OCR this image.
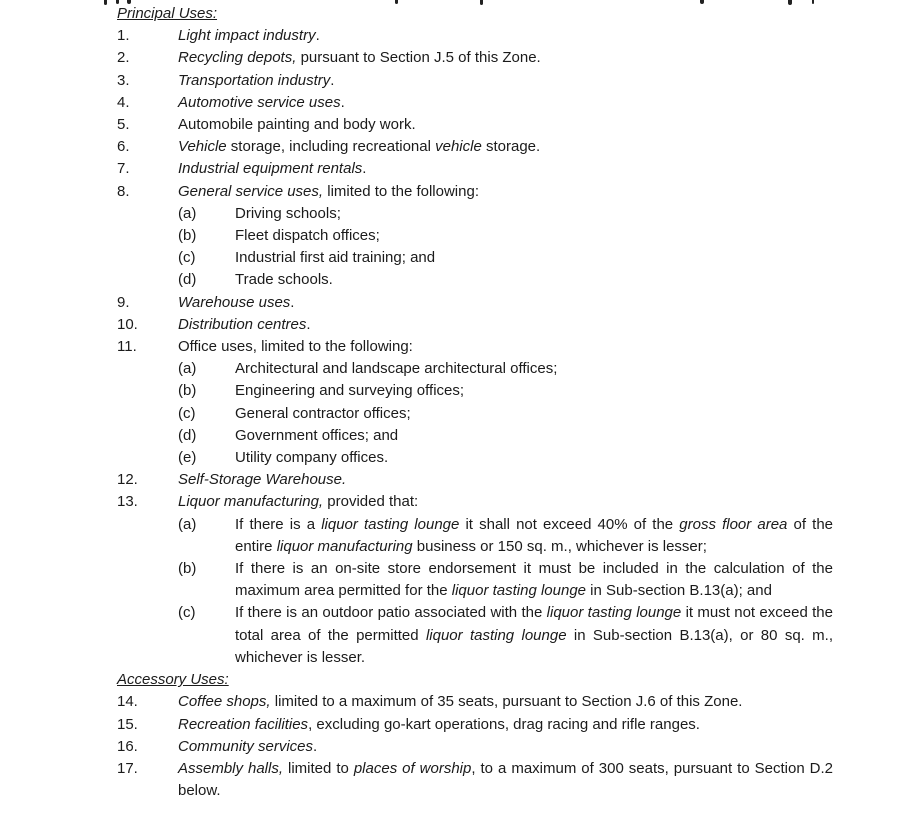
Principal Uses:
1.	Light impact industry.
2.	Recycling depots, pursuant to Section J.5 of this Zone.
3.	Transportation industry.
4.	Automotive service uses.
5.	Automobile painting and body work.
6.	Vehicle storage, including recreational vehicle storage.
7.	Industrial equipment rentals.
8.	General service uses, limited to the following:
(a)	Driving schools;
(b)	Fleet dispatch offices;
(c)	Industrial first aid training; and
(d)	Trade schools.
9.	Warehouse uses.
10.	Distribution centres.
11.	Office uses, limited to the following:
(a)	Architectural and landscape architectural offices;
(b)	Engineering and surveying offices;
(c)	General contractor offices;
(d)	Government offices; and
(e)	Utility company offices.
12.	Self-Storage Warehouse.
13.	Liquor manufacturing, provided that:
(a)	If there is a liquor tasting lounge it shall not exceed 40% of the gross floor area of the entire liquor manufacturing business or 150 sq. m., whichever is lesser;
(b)	If there is an on-site store endorsement it must be included in the calculation of the maximum area permitted for the liquor tasting lounge in Sub-section B.13(a); and
(c)	If there is an outdoor patio associated with the liquor tasting lounge it must not exceed the total area of the permitted liquor tasting lounge in Sub-section B.13(a), or 80 sq. m., whichever is lesser.
Accessory Uses:
14.	Coffee shops, limited to a maximum of 35 seats, pursuant to Section J.6 of this Zone.
15.	Recreation facilities, excluding go-kart operations, drag racing and rifle ranges.
16.	Community services.
17.	Assembly halls, limited to places of worship, to a maximum of 300 seats, pursuant to Section D.2 below.
